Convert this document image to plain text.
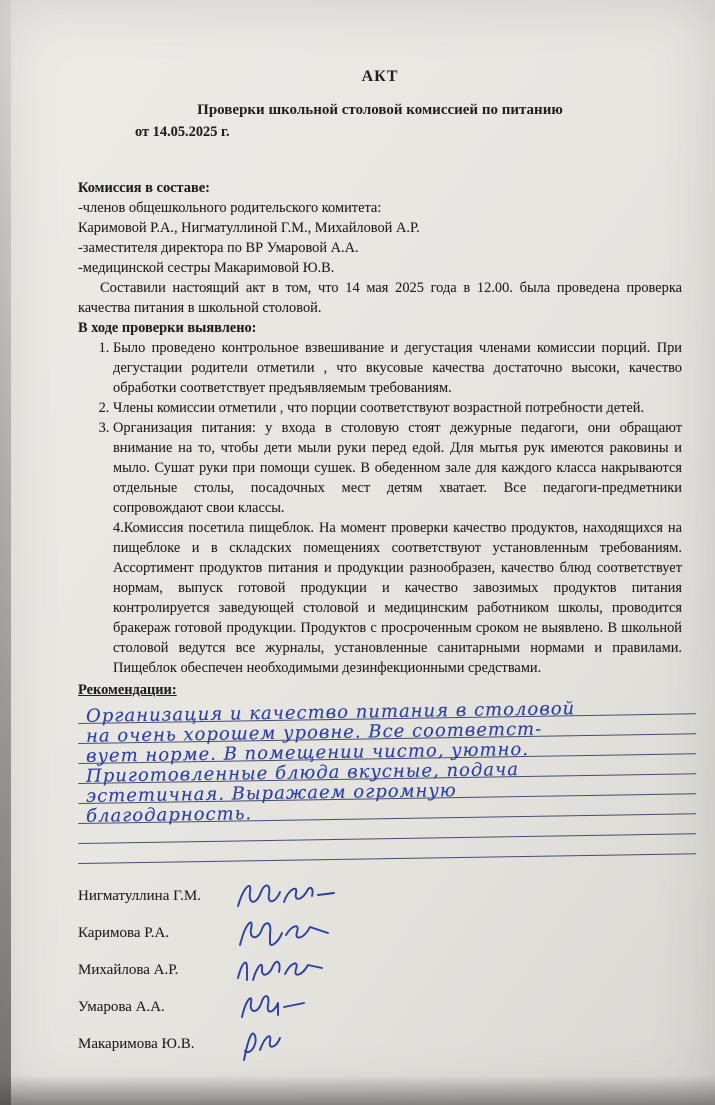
АКТ
Проверки школьной столовой комиссией по питанию

от 14.05.2025 г.

Комиссия в составе:

-членов общешкольного родительского комитета:

Каримовой Р.А., Нигматуллиной Г.М., Михайловой А.Р.

-заместителя директора по ВР Умаровой А.А.

-медицинской сестры Макаримовой Ю.В.

Составили настоящий акт в том, что 14 мая 2025 года в 12.00. была проведена проверка качества питания в школьной столовой.

В ходе проверки выявлено:

1. Было проведено контрольное взвешивание и дегустация членами комиссии порций. При дегустации родители отметили , что вкусовые качества достаточно высоки, качество обработки соответствует предъявляемым требованиям.
2. Члены комиссии отметили , что порции соответствуют возрастной потребности детей.
3. Организация питания: у входа в столовую стоят дежурные педагоги, они обращают внимание на то, чтобы дети мыли руки перед едой. Для мытья рук имеются раковины и мыло. Сушат руки при помощи сушек. В обеденном зале для каждого класса накрываются отдельные столы, посадочных мест детям хватает. Все педагоги-предметники сопровождают свои классы.

4.Комиссия посетила пищеблок. На момент проверки качество продуктов, находящихся на пищеблоке и в складских помещениях соответствуют установленным требованиям. Ассортимент продуктов питания и продукции разнообразен, качество блюд соответствует нормам, выпуск готовой продукции и качество завозимых продуктов питания контролируется заведующей столовой и медицинским работником школы, проводится бракераж готовой продукции. Продуктов с просроченным сроком не выявлено. В школьной столовой ведутся все журналы, установленные санитарными нормами и правилами. Пищеблок обеспечен необходимыми дезинфекционными средствами.

Рекомендации:

Организация и качество питания в столовой
на очень хорошем уровне. Все соответст-
вует норме. В помещении чисто, уютно.
Приготовленные блюда вкусные, подача
эстетичная. Выражаем огромную
благодарность.
Нигматуллина Г.М.
Каримова Р.А.
Михайлова А.Р.
Умарова А.А.
Макаримова Ю.В.
